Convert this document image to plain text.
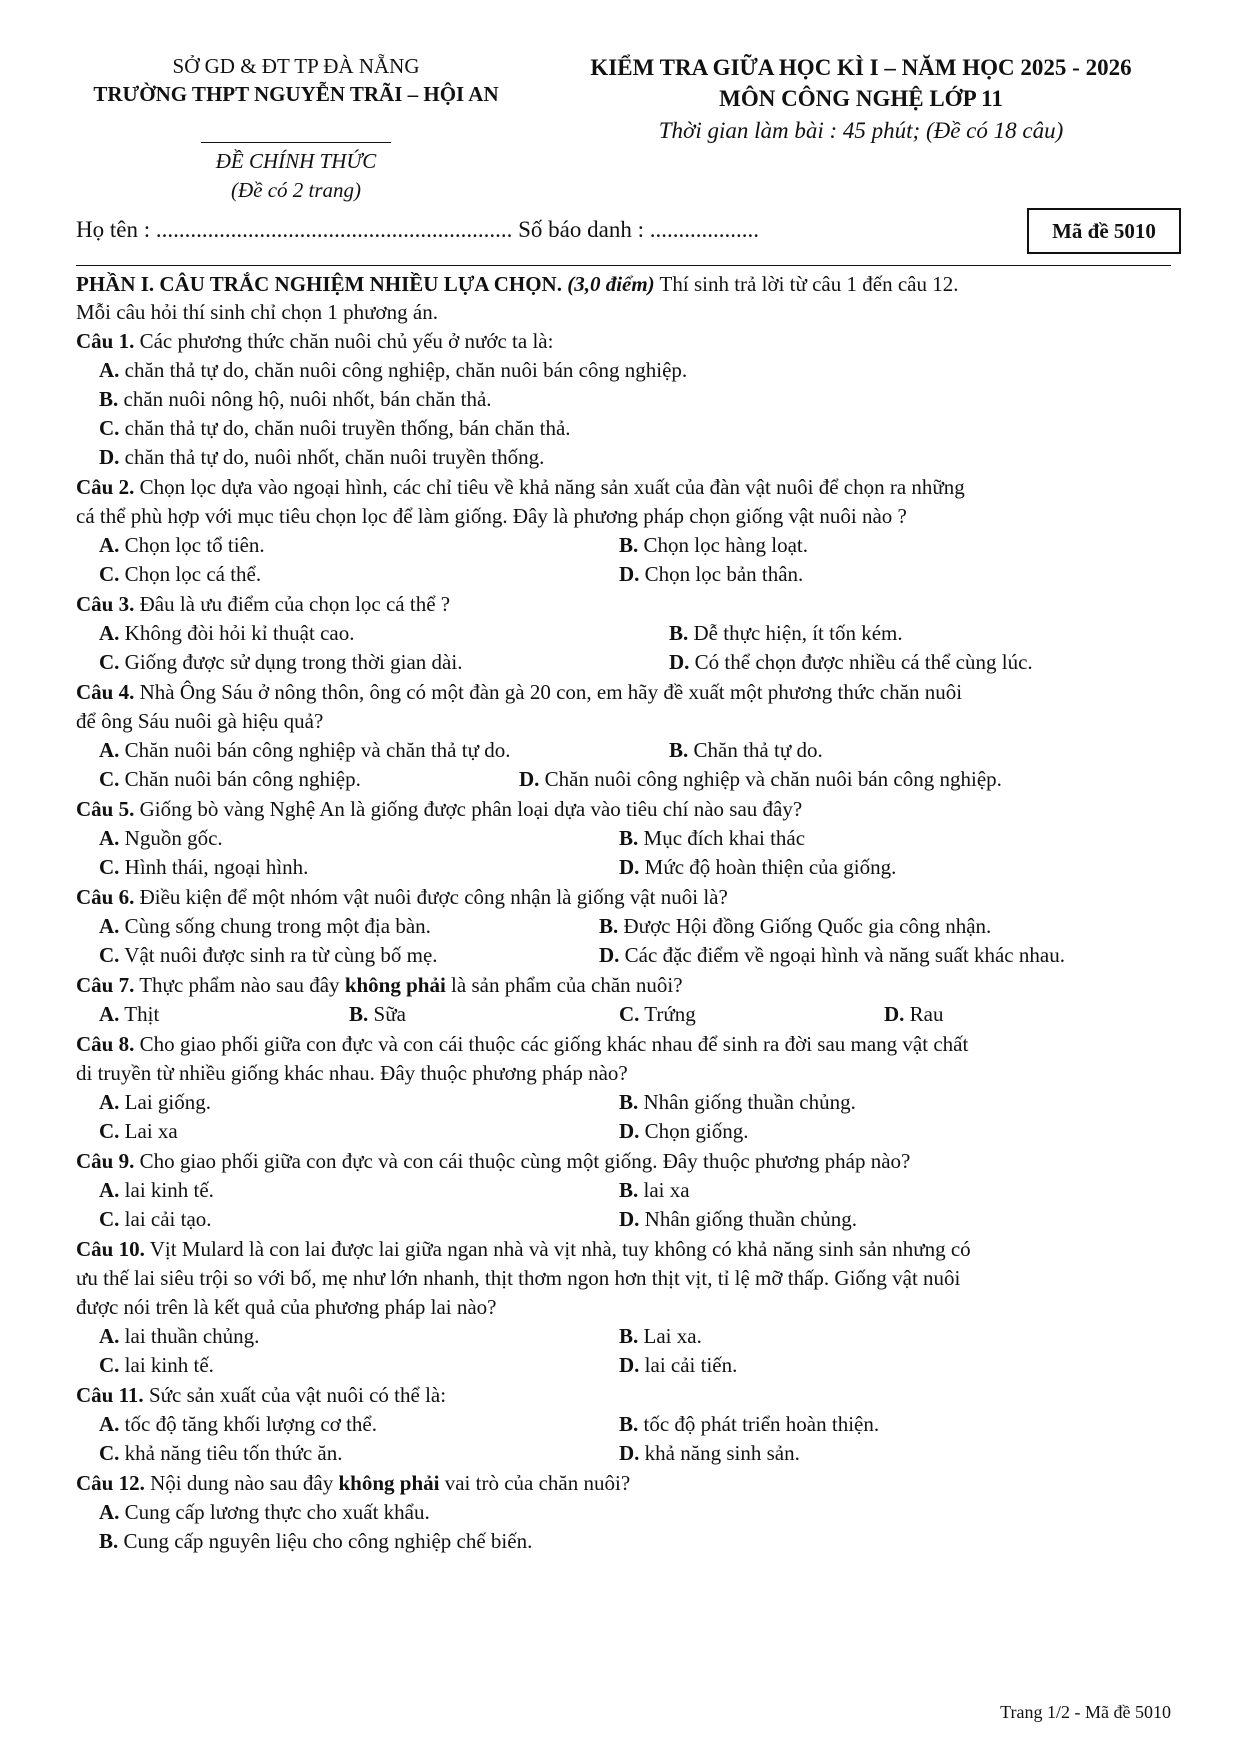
SỞ GD & ĐT TP ĐÀ NẴNG
TRƯỜNG THPT NGUYỄN TRÃI – HỘI AN
ĐỀ CHÍNH THỨC
(Đề có 2 trang)
KIỂM TRA GIỮA HỌC KÌ I – NĂM HỌC 2025 - 2026
MÔN CÔNG NGHỆ LỚP 11
Thời gian làm bài : 45 phút; (Đề có 18 câu)
Họ tên : .............................................................. Số báo danh : ...................	Mã đề 5010
PHẦN I. CÂU TRẮC NGHIỆM NHIỀU LỰA CHỌN. (3,0 điểm) Thí sinh trả lời từ câu 1 đến câu 12.
Mỗi câu hỏi thí sinh chỉ chọn 1 phương án.
Câu 1. Các phương thức chăn nuôi chủ yếu ở nước ta là:
A. chăn thả tự do, chăn nuôi công nghiệp, chăn nuôi bán công nghiệp.
B. chăn nuôi nông hộ, nuôi nhốt, bán chăn thả.
C. chăn thả tự do, chăn nuôi truyền thống, bán chăn thả.
D. chăn thả tự do, nuôi nhốt, chăn nuôi truyền thống.
Câu 2. Chọn lọc dựa vào ngoại hình, các chỉ tiêu về khả năng sản xuất của đàn vật nuôi để chọn ra những
cá thể phù hợp với mục tiêu chọn lọc để làm giống. Đây là phương pháp chọn giống vật nuôi nào ?
A. Chọn lọc tổ tiên.	B. Chọn lọc hàng loạt.
C. Chọn lọc cá thể.	D. Chọn lọc bản thân.
Câu 3. Đâu là ưu điểm của chọn lọc cá thể ?
A. Không đòi hỏi kỉ thuật cao.	B. Dễ thực hiện, ít tốn kém.
C. Giống được sử dụng trong thời gian dài.	D. Có thể chọn được nhiều cá thể cùng lúc.
Câu 4. Nhà Ông Sáu ở nông thôn, ông có một đàn gà 20 con, em hãy đề xuất một phương thức chăn nuôi
để ông Sáu nuôi gà hiệu quả?
A. Chăn nuôi bán công nghiệp và chăn thả tự do.	B. Chăn thả tự do.
C. Chăn nuôi bán công nghiệp.	D. Chăn nuôi công nghiệp và chăn nuôi bán công nghiệp.
Câu 5. Giống bò vàng Nghệ An là giống được phân loại dựa vào tiêu chí nào sau đây?
A. Nguồn gốc.	B. Mục đích khai thác
C. Hình thái, ngoại hình.	D. Mức độ hoàn thiện của giống.
Câu 6. Điều kiện để một nhóm vật nuôi được công nhận là giống vật nuôi là?
A. Cùng sống chung trong một địa bàn.	B. Được Hội đồng Giống Quốc gia công nhận.
C. Vật nuôi được sinh ra từ cùng bố mẹ.	D. Các đặc điểm về ngoại hình và năng suất khác nhau.
Câu 7. Thực phẩm nào sau đây không phải là sản phẩm của chăn nuôi?
A. Thịt	B. Sữa	C. Trứng	D. Rau
Câu 8. Cho giao phối giữa con đực và con cái thuộc các giống khác nhau để sinh ra đời sau mang vật chất
di truyền từ nhiều giống khác nhau. Đây thuộc phương pháp nào?
A. Lai giống.	B. Nhân giống thuần chủng.
C. Lai xa	D. Chọn giống.
Câu 9. Cho giao phối giữa con đực và con cái thuộc cùng một giống. Đây thuộc phương pháp nào?
A. lai kinh tế.	B. lai xa
C. lai cải tạo.	D. Nhân giống thuần chủng.
Câu 10. Vịt Mulard là con lai được lai giữa ngan nhà và vịt nhà, tuy không có khả năng sinh sản nhưng có
ưu thế lai siêu trội so với bố, mẹ như lớn nhanh, thịt thơm ngon hơn thịt vịt, tỉ lệ mỡ thấp. Giống vật nuôi
được nói trên là kết quả của phương pháp lai nào?
A. lai thuần chủng.	B. Lai xa.
C. lai kinh tế.	D. lai cải tiến.
Câu 11. Sức sản xuất của vật nuôi có thể là:
A. tốc độ tăng khối lượng cơ thể.	B. tốc độ phát triển hoàn thiện.
C. khả năng tiêu tốn thức ăn.	D. khả năng sinh sản.
Câu 12. Nội dung nào sau đây không phải vai trò của chăn nuôi?
A. Cung cấp lương thực cho xuất khẩu.
B. Cung cấp nguyên liệu cho công nghiệp chế biến.
Trang 1/2 - Mã đề 5010
